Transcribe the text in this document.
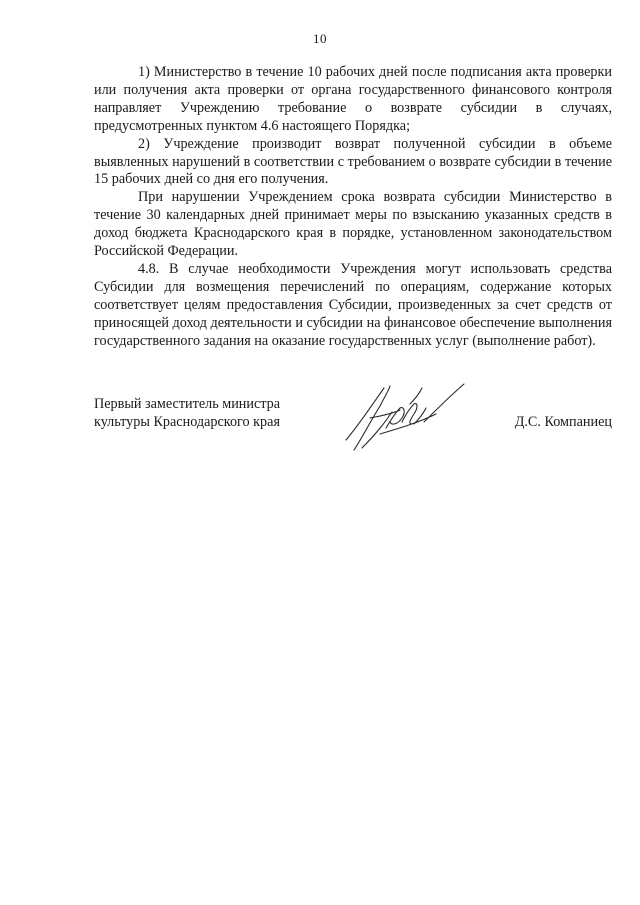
10

1) Министерство в течение 10 рабочих дней после подписания акта проверки или получения акта проверки от органа государственного финансового контроля направляет Учреждению требование о возврате субсидии в случаях, предусмотренных пунктом 4.6 настоящего Порядка;

2) Учреждение производит возврат полученной субсидии в объеме выявленных нарушений в соответствии с требованием о возврате субсидии в течение 15 рабочих дней со дня его получения.

При нарушении Учреждением срока возврата субсидии Министерство в течение 30 календарных дней принимает меры по взысканию указанных средств в доход бюджета Краснодарского края в порядке, установленном законодательством Российской Федерации.

4.8. В случае необходимости Учреждения могут использовать средства Субсидии для возмещения перечислений по операциям, содержание которых соответствует целям предоставления Субсидии, произведенных за счет средств от приносящей доход деятельности и субсидии на финансовое обеспечение выполнения государственного задания на оказание государственных услуг (выполнение работ).

Первый заместитель министра
культуры Краснодарского края	Д.С. Компаниец
